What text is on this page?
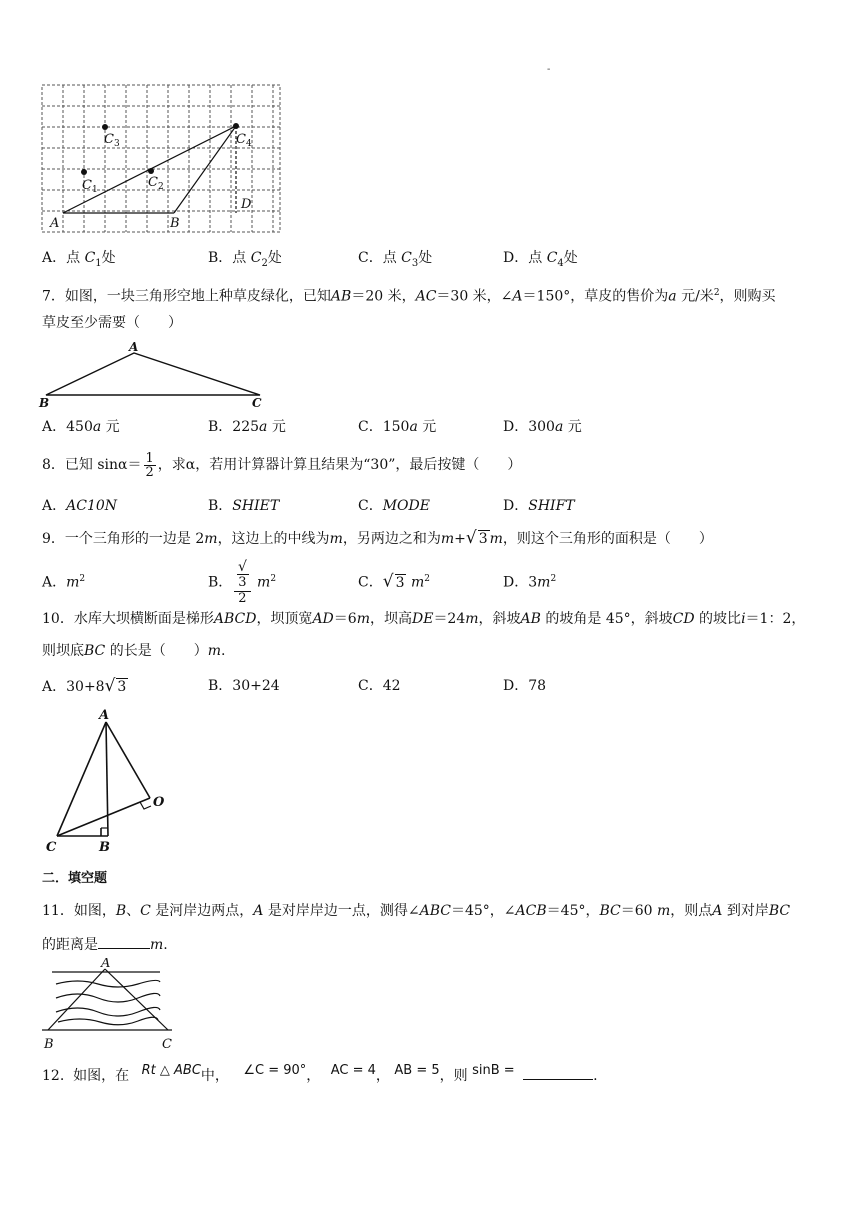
-
A	B
D
$C_1$	$C_2$
$C_3$	$C_4$
A．点 $C_1$处	B．点 $C_2$处	C．点 $C_3$处	D．点 $C_4$处
7．如图，一块三角形空地上种草皮绿化，已知AB＝20 米，AC＝30 米，∠A＝150°，草皮的售价为a 元/米$^2$，则购买
草皮至少需要（　　）
A
B	C
A．450a 元	B．225a 元	C．150a 元	D．300a 元
8．已知 $\sin\alpha= \frac{1}{2}$ ，求α，若用计算器计算且结果为“30”，最后按键（　　）
A．AC10N	B．SHIET	C．MODE	D．SHIFT
9．一个三角形的一边是 2m，这边上的中线为m，另两边之和为m+√ 3 m，则这个三角形的面积是（　　）
A．$m^2$	B． √
3
2 $m^2$	C．√ 3 $m^2$	D．$3m^2$
10．水库大坝横断面是梯形ABCD，坝顶宽AD＝6m，坝高DE＝24m，斜坡AB 的坡角是 45°，斜坡CD 的坡比i＝1：2，
则坝底BC 的长是（　　）m.
A．30+8√ 3	B．30+24	C．42	D．78
A
C	B
O
二．填空题
11．如图，B、C 是河岸边两点，A 是对岸岸边一点，测得∠ABC＝45°，∠ACB＝45°，BC＝60 m，则点A 到对岸BC
的距离是	m.
A
B	C
12. 如图，在 Rt △ ABC中， ∠C = 90°， AC = 4， AB = 5，则 sinB =	.
